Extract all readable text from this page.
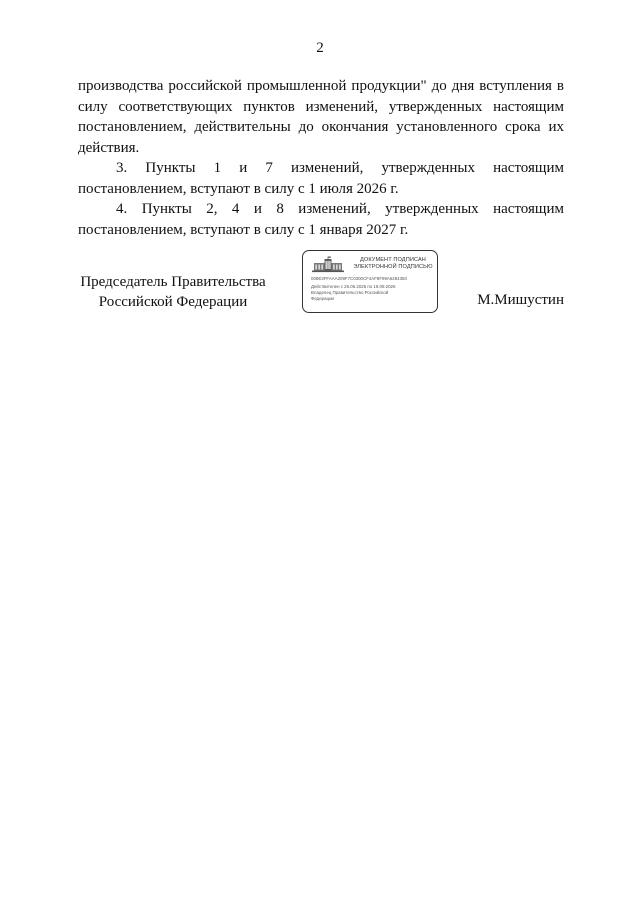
2

производства российской промышленной продукции" до дня вступления в силу соответствующих пунктов изменений, утвержденных настоящим постановлением, действительны до окончания установленного срока их действия.

3. Пункты 1 и 7 изменений, утвержденных настоящим постановлением, вступают в силу с 1 июля 2026 г.

4. Пункты 2, 4 и 8 изменений, утвержденных настоящим постановлением, вступают в силу с 1 января 2027 г.

Председатель Правительства
Российской Федерации
ДОКУМЕНТ ПОДПИСАН
ЭЛЕКТРОННОЙ ПОДПИСЬЮ
009E3FFAAA209F7C0300CF4AF8F99A6284350
Действителен с 26.06.2025 по 19.09.2026
Владелец Правительство Российской
Федерации	М.Мишустин
